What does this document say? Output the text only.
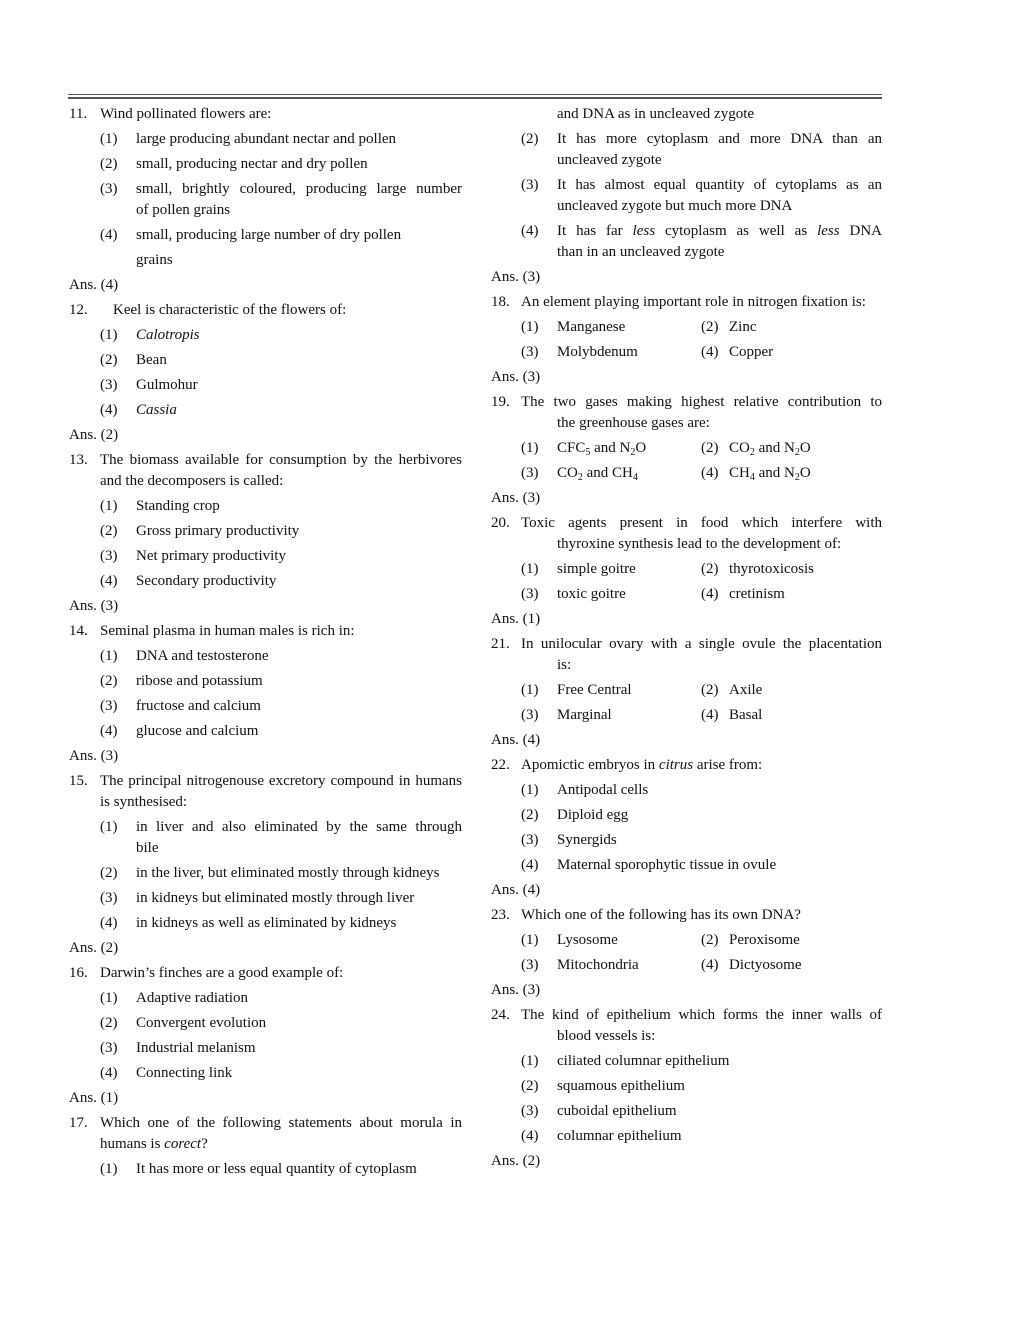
11. Wind pollinated flowers are:
(1) large producing abundant nectar and pollen
(2) small, producing nectar and dry pollen
(3) small, brightly coloured, producing large number
of pollen grains
(4) small, producing large number of dry pollen
grains
Ans. (4)
12. Keel is characteristic of the flowers of:
(1) Calotropis
(2) Bean
(3) Gulmohur
(4) Cassia
Ans. (2)
13. The biomass available for consumption by the herbivores
and the decomposers is called:
(1) Standing crop
(2) Gross primary productivity
(3) Net primary productivity
(4) Secondary productivity
Ans. (3)
14. Seminal plasma in human males is rich in:
(1) DNA and testosterone
(2) ribose and potassium
(3) fructose and calcium
(4) glucose and calcium
Ans. (3)
15. The principal nitrogenouse excretory compound in humans
is synthesised:
(1) in liver and also eliminated by the same through
bile
(2) in the liver, but eliminated mostly through kidneys
(3) in kidneys but eliminated mostly through liver
(4) in kidneys as well as eliminated by kidneys
Ans. (2)
16. Darwin’s finches are a good example of:
(1) Adaptive radiation
(2) Convergent evolution
(3) Industrial melanism
(4) Connecting link
Ans. (1)
17. Which one of the following statements about morula in
humans is corect?
(1) It has more or less equal quantity of cytoplasm
and DNA as in uncleaved zygote
(2) It has more cytoplasm and more DNA than an
uncleaved zygote
(3) It has almost equal quantity of cytoplams as an
uncleaved zygote but much more DNA
(4) It has far less cytoplasm as well as less DNA
than in an uncleaved zygote
Ans. (3)
18. An element playing important role in nitrogen fixation is:
(1) Manganese	(2) Zinc
(3) Molybdenum	(4) Copper
Ans. (3)
19. The two gases making highest relative contribution to
the greenhouse gases are:
(1) $CFC_5$ and $N_2O$	(2) $CO_2$ and $N_2O$
(3) $CO_2$ and $CH_4$	(4) $CH_4$ and $N_2O$
Ans. (3)
20. Toxic agents present in food which interfere with
thyroxine synthesis lead to the development of:
(1) simple goitre	(2) thyrotoxicosis
(3) toxic goitre	(4) cretinism
Ans. (1)
21. In unilocular ovary with a single ovule the placentation
is:
(1) Free Central	(2) Axile
(3) Marginal	(4) Basal
Ans. (4)
22. Apomictic embryos in citrus arise from:
(1) Antipodal cells
(2) Diploid egg
(3) Synergids
(4) Maternal sporophytic tissue in ovule
Ans. (4)
23. Which one of the following has its own DNA?
(1) Lysosome	(2) Peroxisome
(3) Mitochondria	(4) Dictyosome
Ans. (3)
24. The kind of epithelium which forms the inner walls of
blood vessels is:
(1) ciliated columnar epithelium
(2) squamous epithelium
(3) cuboidal epithelium
(4) columnar epithelium
Ans. (2)
